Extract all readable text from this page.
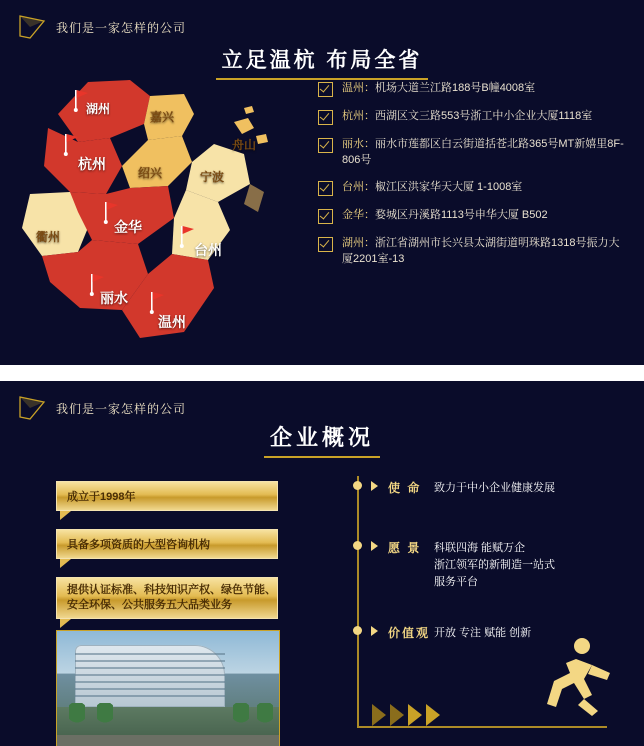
我们是一家怎样的公司
立足温杭 布局全省
湖州
嘉兴
杭州
绍兴	宁波
舟山
衢州
金华
台州
丽水
温州
温州：机场大道兰江路188号B幢4008室
杭州：西湖区文三路553号浙工中小企业大厦1118室
丽水：丽水市莲都区白云街道括苍北路365号MT新嬉里8F-806号
台州：椒江区洪家华天大厦 1-1008室
金华：婺城区丹溪路1113号申华大厦 B502
湖州：浙江省湖州市长兴县太湖街道明珠路1318号振力大厦2201室-13
我们是一家怎样的公司
企业概况
成立于1998年
具备多项资质的大型咨询机构
提供认证标准、科技知识产权、绿色节能、
安全环保、公共服务五大品类业务
使 命 致力于中小企业健康发展
愿 景 科联四海 能赋万企
浙江领军的新制造一站式
服务平台
价值观 开放 专注 赋能 创新
